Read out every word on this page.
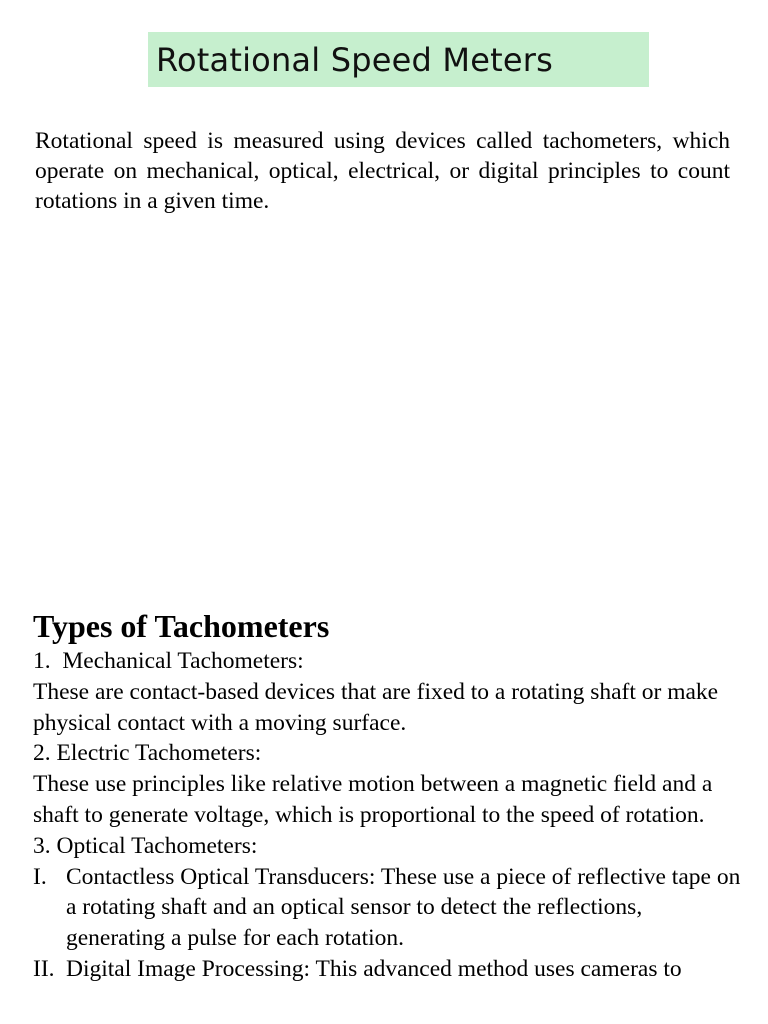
Rotational Speed Meters

Rotational speed is measured using devices called tachometers, which operate on mechanical, optical, electrical, or digital principles to count rotations in a given time.

Types of Tachometers

1.  Mechanical Tachometers:

These are contact-based devices that are fixed to a rotating shaft or make physical contact with a moving surface.

2. Electric Tachometers:

These use principles like relative motion between a magnetic field and a shaft to generate voltage, which is proportional to the speed of rotation.

3. Optical Tachometers:

I. Contactless Optical Transducers: These use a piece of reflective tape on a rotating shaft and an optical sensor to detect the reflections, generating a pulse for each rotation.
II. Digital Image Processing: This advanced method uses cameras to
